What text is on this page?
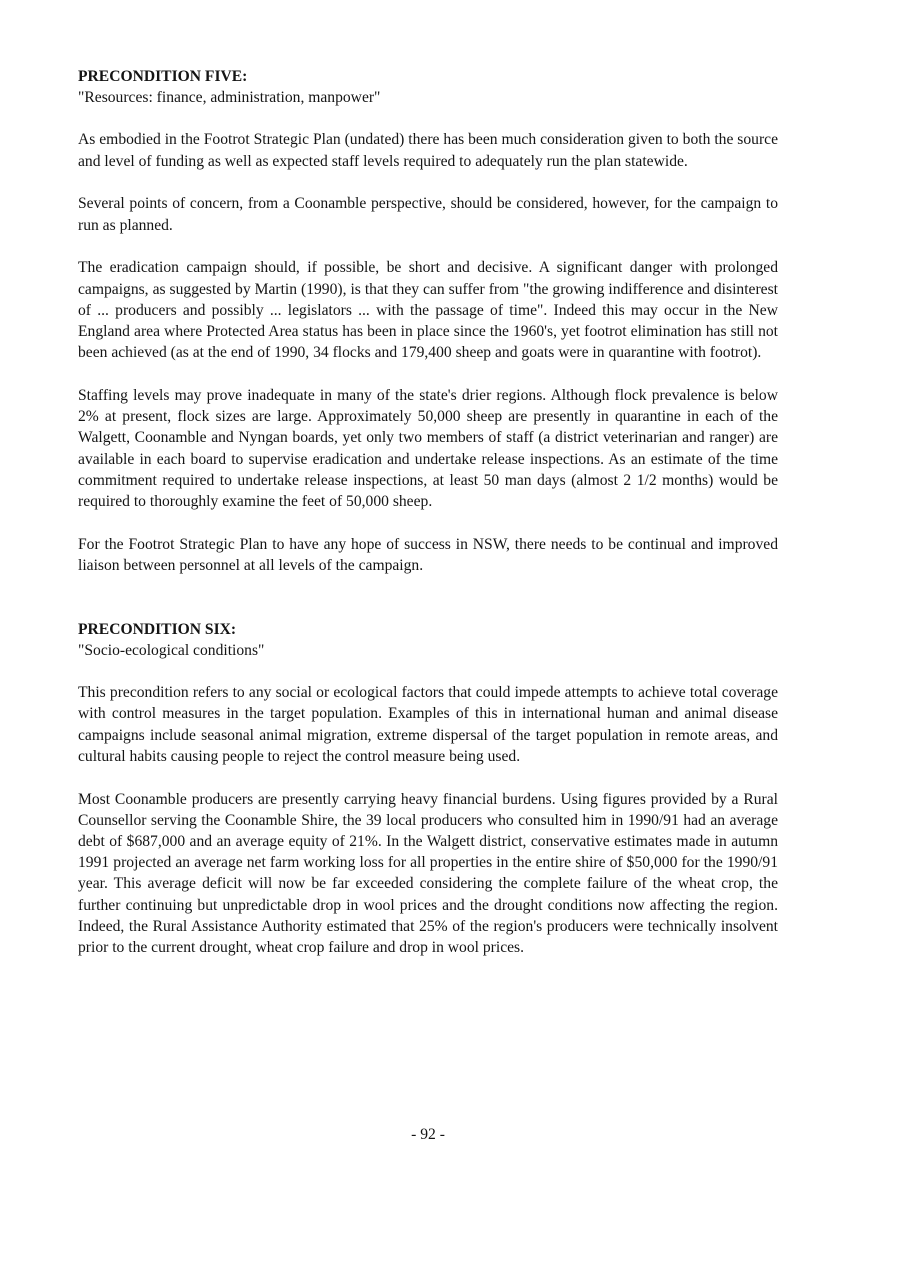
PRECONDITION FIVE:

"Resources: finance, administration, manpower"

As embodied in the Footrot Strategic Plan (undated) there has been much consideration given to both the source and level of funding as well as expected staff levels required to adequately run the plan statewide.

Several points of concern, from a Coonamble perspective, should be considered, however, for the campaign to run as planned.

The eradication campaign should, if possible, be short and decisive. A significant danger with prolonged campaigns, as suggested by Martin (1990), is that they can suffer from "the growing indifference and disinterest of ... producers and possibly ... legislators ... with the passage of time". Indeed this may occur in the New England area where Protected Area status has been in place since the 1960's, yet footrot elimination has still not been achieved (as at the end of 1990, 34 flocks and 179,400 sheep and goats were in quarantine with footrot).

Staffing levels may prove inadequate in many of the state's drier regions. Although flock prevalence is below 2% at present, flock sizes are large. Approximately 50,000 sheep are presently in quarantine in each of the Walgett, Coonamble and Nyngan boards, yet only two members of staff (a district veterinarian and ranger) are available in each board to supervise eradication and undertake release inspections. As an estimate of the time commitment required to undertake release inspections, at least 50 man days (almost 2 1/2 months) would be required to thoroughly examine the feet of 50,000 sheep.

For the Footrot Strategic Plan to have any hope of success in NSW, there needs to be continual and improved liaison between personnel at all levels of the campaign.

PRECONDITION SIX:

"Socio-ecological conditions"

This precondition refers to any social or ecological factors that could impede attempts to achieve total coverage with control measures in the target population. Examples of this in international human and animal disease campaigns include seasonal animal migration, extreme dispersal of the target population in remote areas, and cultural habits causing people to reject the control measure being used.

Most Coonamble producers are presently carrying heavy financial burdens. Using figures provided by a Rural Counsellor serving the Coonamble Shire, the 39 local producers who consulted him in 1990/91 had an average debt of $687,000 and an average equity of 21%. In the Walgett district, conservative estimates made in autumn 1991 projected an average net farm working loss for all properties in the entire shire of $50,000 for the 1990/91 year. This average deficit will now be far exceeded considering the complete failure of the wheat crop, the further continuing but unpredictable drop in wool prices and the drought conditions now affecting the region. Indeed, the Rural Assistance Authority estimated that 25% of the region's producers were technically insolvent prior to the current drought, wheat crop failure and drop in wool prices.

- 92 -
